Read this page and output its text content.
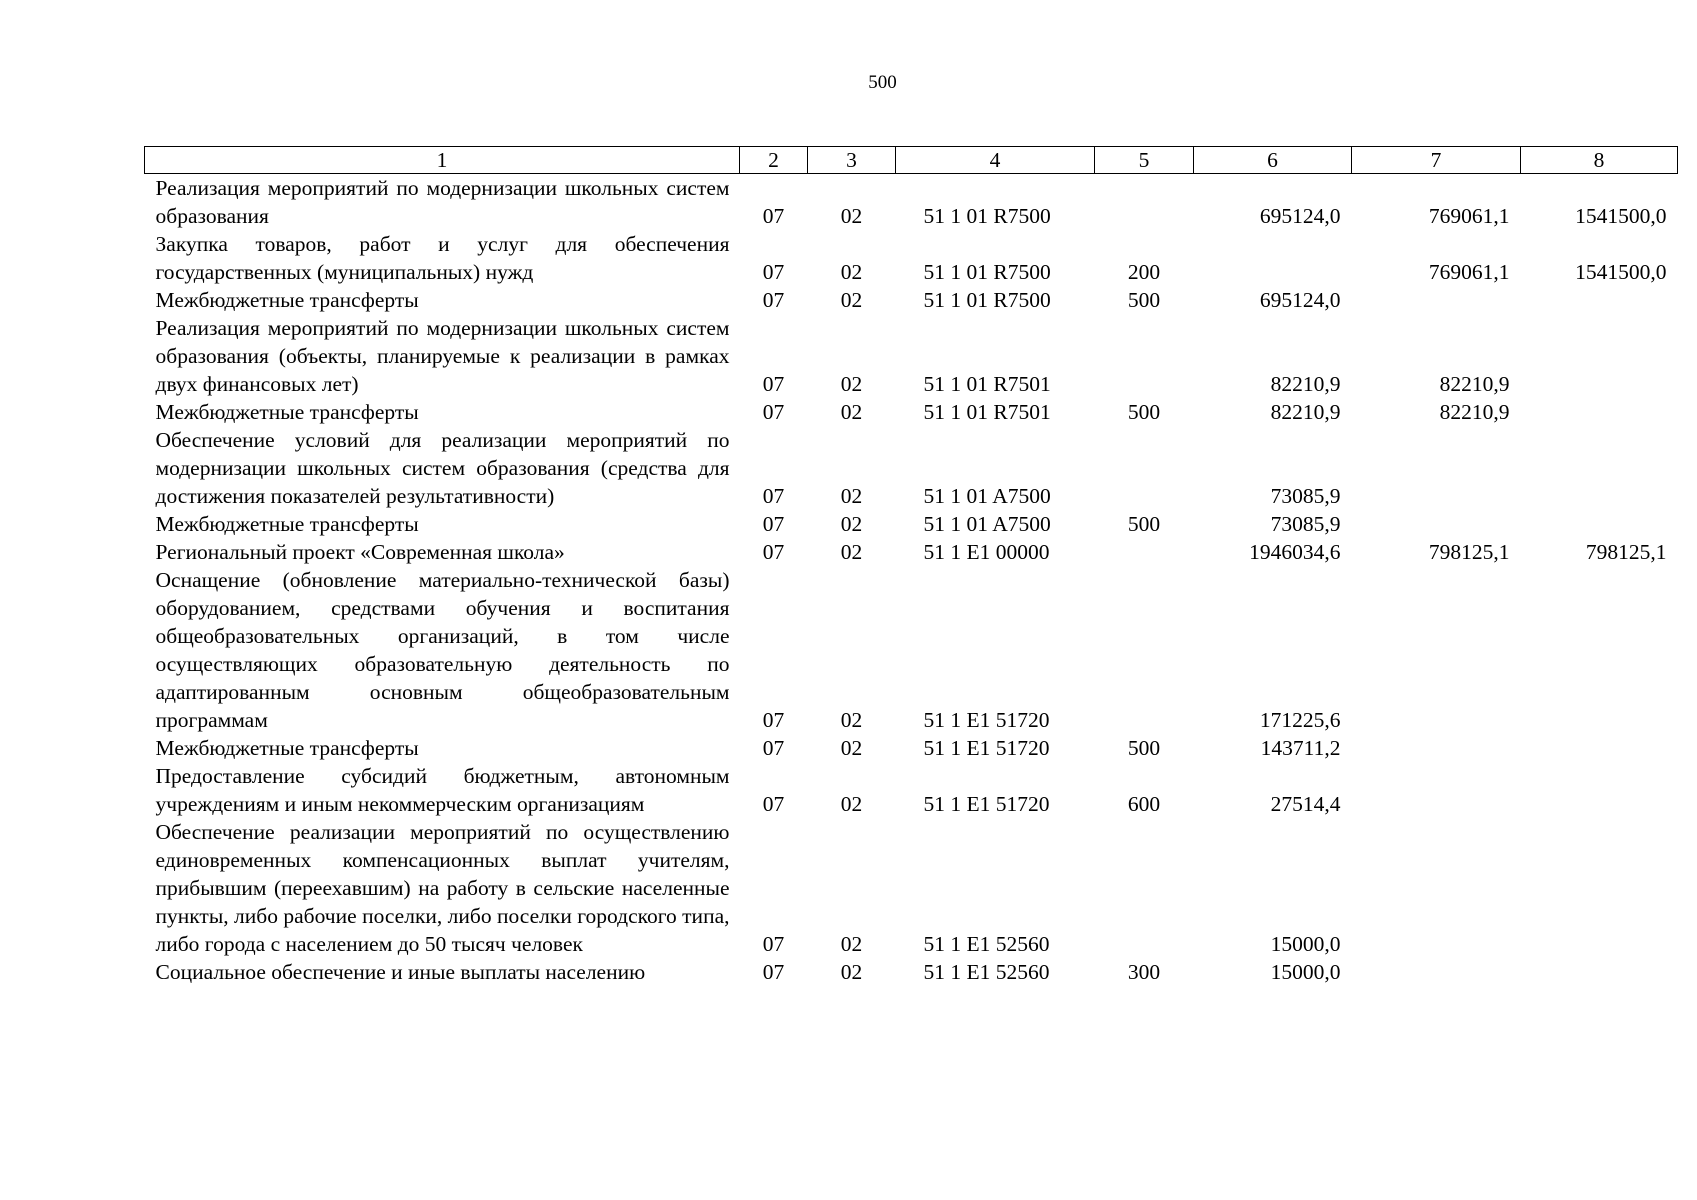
500
1	2	3	4	5	6	7	8
Реализация мероприятий по модернизации школьных систем образования	07	02	51 1 01 R7500		695124,0	769061,1	1541500,0
Закупка товаров, работ и услуг для обеспечения государственных (муниципальных) нужд	07	02	51 1 01 R7500	200		769061,1	1541500,0
Межбюджетные трансферты	07	02	51 1 01 R7500	500	695124,0		
Реализация мероприятий по модернизации школьных систем образования (объекты, планируемые к реализации в рамках двух финансовых лет)	07	02	51 1 01 R7501		82210,9	82210,9	
Межбюджетные трансферты	07	02	51 1 01 R7501	500	82210,9	82210,9	
Обеспечение условий для реализации мероприятий по модернизации школьных систем образования (средства для достижения показателей результативности)	07	02	51 1 01 A7500		73085,9		
Межбюджетные трансферты	07	02	51 1 01 A7500	500	73085,9		
Региональный проект «Современная школа»	07	02	51 1 E1 00000		1946034,6	798125,1	798125,1
Оснащение (обновление материально-технической базы) оборудованием, средствами обучения и воспитания общеобразовательных организаций, в том числе осуществляющих образовательную деятельность по адаптированным основным общеобразовательным программам	07	02	51 1 E1 51720		171225,6		
Межбюджетные трансферты	07	02	51 1 E1 51720	500	143711,2		
Предоставление субсидий бюджетным, автономным учреждениям и иным некоммерческим организациям	07	02	51 1 E1 51720	600	27514,4		
Обеспечение реализации мероприятий по осуществлению единовременных компенсационных выплат учителям, прибывшим (переехавшим) на работу в сельские населенные пункты, либо рабочие поселки, либо поселки городского типа, либо города с населением до 50 тысяч человек	07	02	51 1 E1 52560		15000,0		
Социальное обеспечение и иные выплаты населению	07	02	51 1 E1 52560	300	15000,0		
